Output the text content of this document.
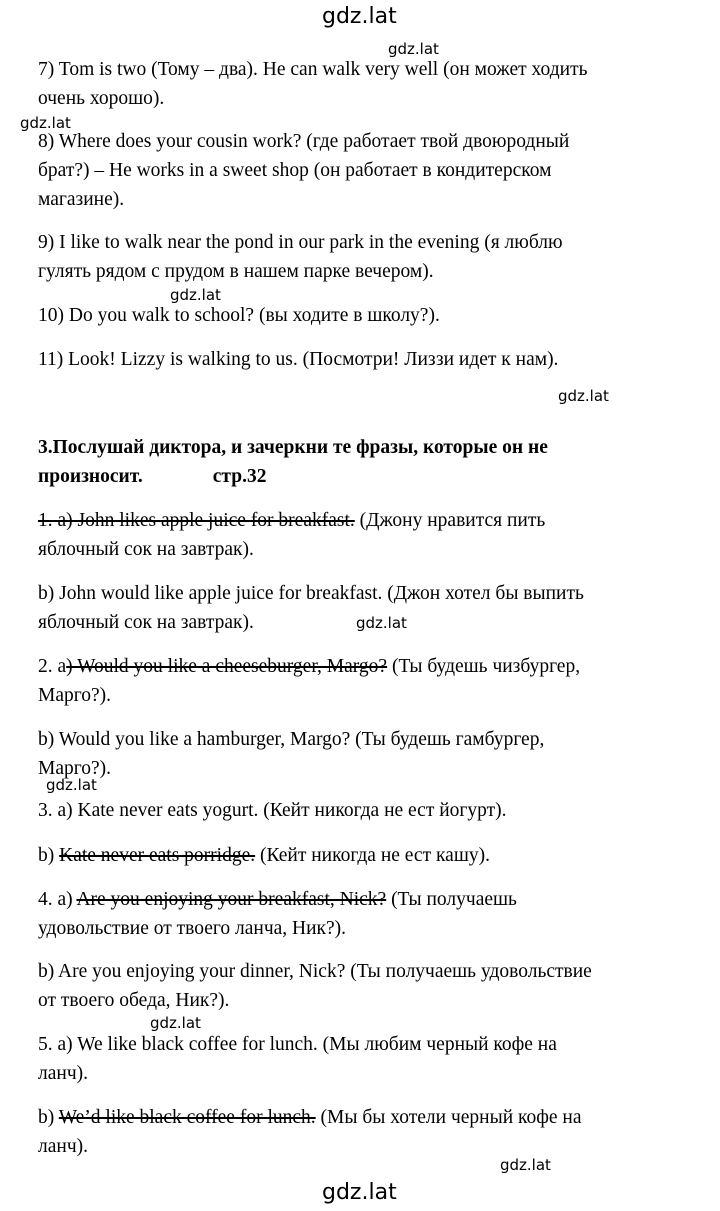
gdz.lat
gdz.lat
gdz.lat
gdz.lat
gdz.lat
gdz.lat
gdz.lat
gdz.lat
gdz.lat
gdz.lat

7) Tom is two (Тому – два). He can walk very well (он может ходить
очень хорошо).

8) Where does your cousin work? (где работает твой двоюродный
брат?) – He works in a sweet shop (он работает в кондитерском
магазине).

9) I like to walk near the pond in our park in the evening (я люблю
гулять рядом с прудом в нашем парке вечером).

10) Do you walk to school? (вы ходите в школу?).

11) Look! Lizzy is walking to us. (Посмотри! Лиззи идет к нам).

3.Послушай диктора, и зачеркни те фразы, которые он не
произносит.	стр.32

1. a) John likes apple juice for breakfast. (Джону нравится пить
яблочный сок на завтрак).

b) John would like apple juice for breakfast. (Джон хотел бы выпить
яблочный сок на завтрак).

2. a) Would you like a cheeseburger, Margo? (Ты будешь чизбургер,
Марго?).

b) Would you like a hamburger, Margo? (Ты будешь гамбургер,
Марго?).

3. a) Kate never eats yogurt. (Кейт никогда не ест йогурт).

b) Kate never eats porridge. (Кейт никогда не ест кашу).

4. a) Are you enjoying your breakfast, Nick? (Ты получаешь
удовольствие от твоего ланча, Ник?).

b) Are you enjoying your dinner, Nick? (Ты получаешь удовольствие
от твоего обеда, Ник?).

5. a) We like black coffee for lunch. (Мы любим черный кофе на
ланч).

b) We’d like black coffee for lunch. (Мы бы хотели черный кофе на
ланч).
